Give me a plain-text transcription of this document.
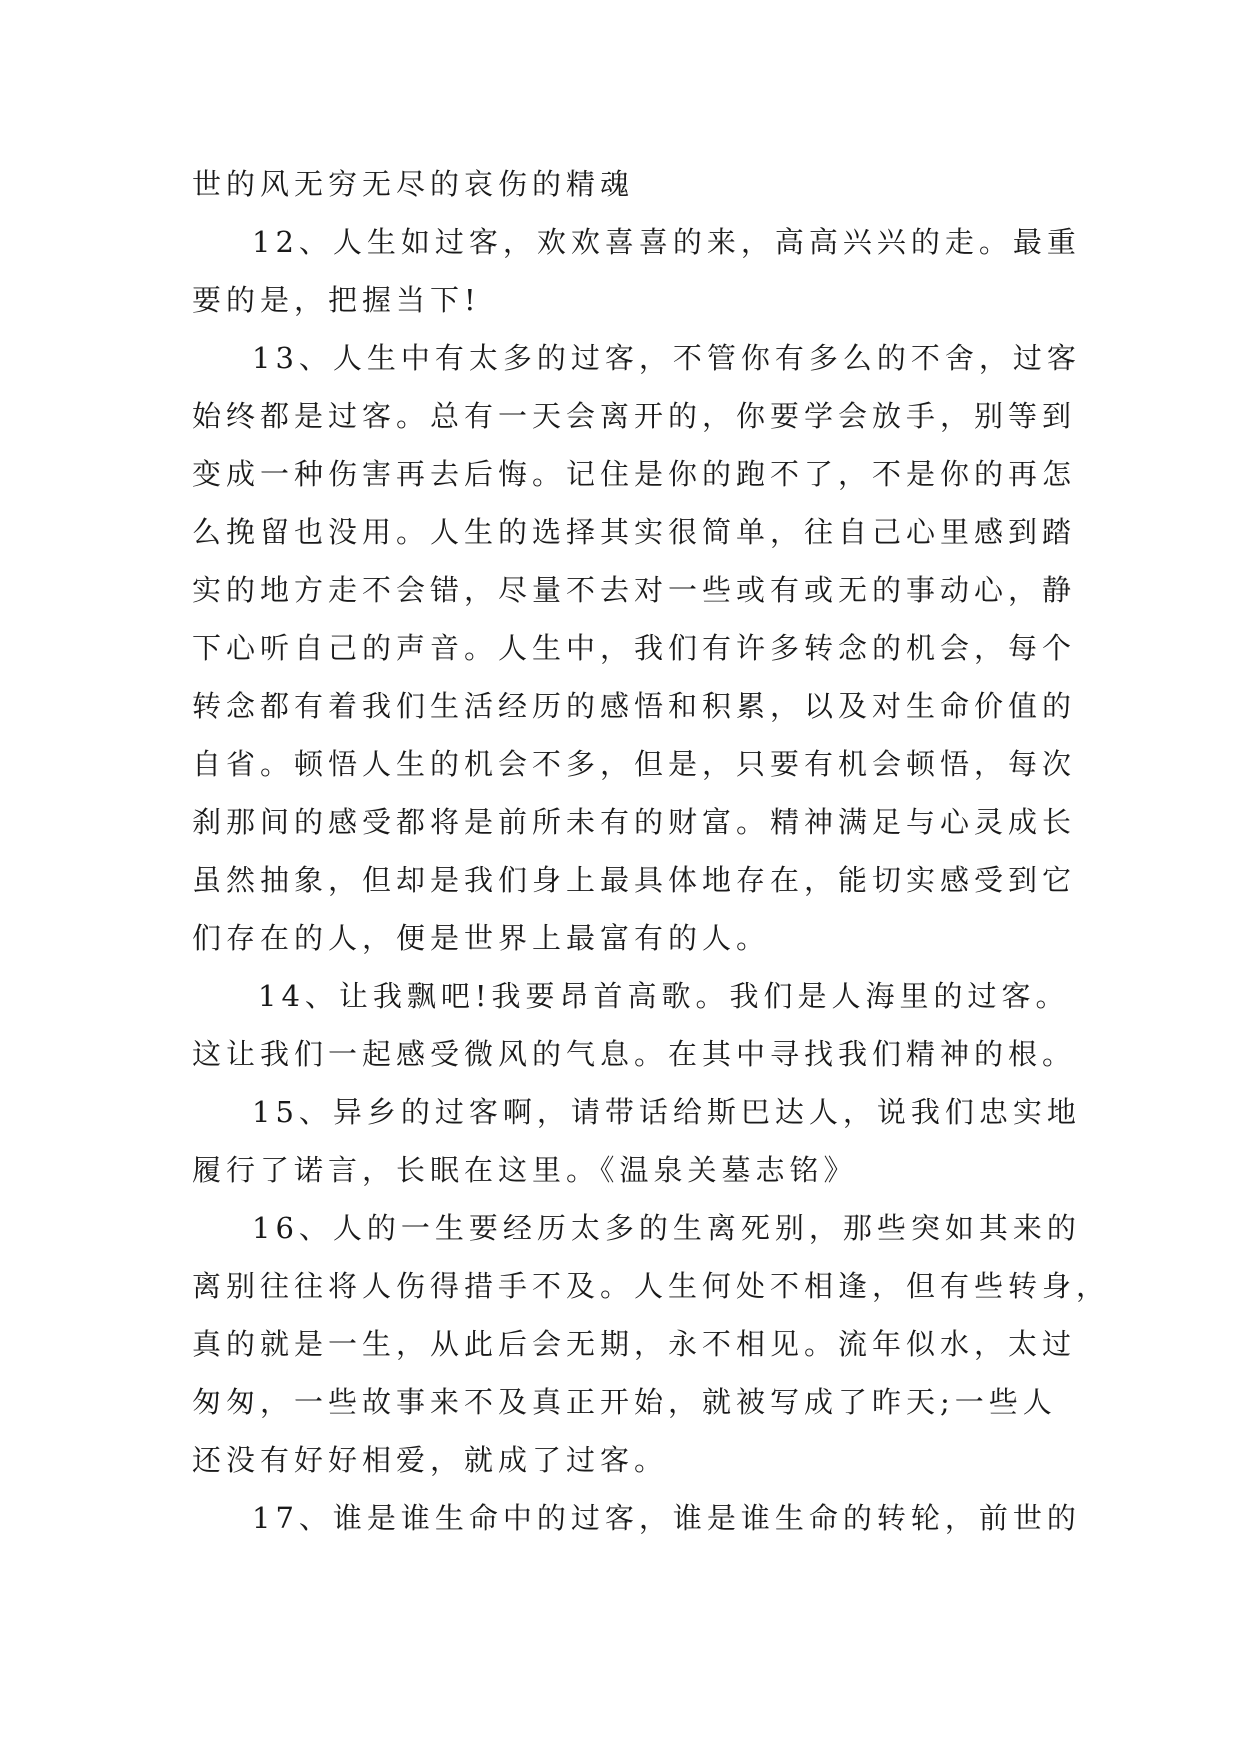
世的风无穷无尽的哀伤的精魂
12、人生如过客，欢欢喜喜的来，高高兴兴的走。最重
要的是，把握当下!
13、人生中有太多的过客，不管你有多么的不舍，过客
始终都是过客。总有一天会离开的，你要学会放手，别等到
变成一种伤害再去后悔。记住是你的跑不了，不是你的再怎
么挽留也没用。人生的选择其实很简单，往自己心里感到踏
实的地方走不会错，尽量不去对一些或有或无的事动心，静
下心听自己的声音。人生中，我们有许多转念的机会，每个
转念都有着我们生活经历的感悟和积累，以及对生命价值的
自省。顿悟人生的机会不多，但是，只要有机会顿悟，每次
刹那间的感受都将是前所未有的财富。精神满足与心灵成长
虽然抽象，但却是我们身上最具体地存在，能切实感受到它
们存在的人，便是世界上最富有的人。
14、让我飘吧!我要昂首高歌。我们是人海里的过客。
这让我们一起感受微风的气息。在其中寻找我们精神的根。
15、异乡的过客啊，请带话给斯巴达人，说我们忠实地
履行了诺言，长眠在这里。《温泉关墓志铭》
16、人的一生要经历太多的生离死别，那些突如其来的
离别往往将人伤得措手不及。人生何处不相逢，但有些转身，
真的就是一生，从此后会无期，永不相见。流年似水，太过
匆匆，一些故事来不及真正开始，就被写成了昨天;一些人
还没有好好相爱，就成了过客。
17、谁是谁生命中的过客，谁是谁生命的转轮，前世的
